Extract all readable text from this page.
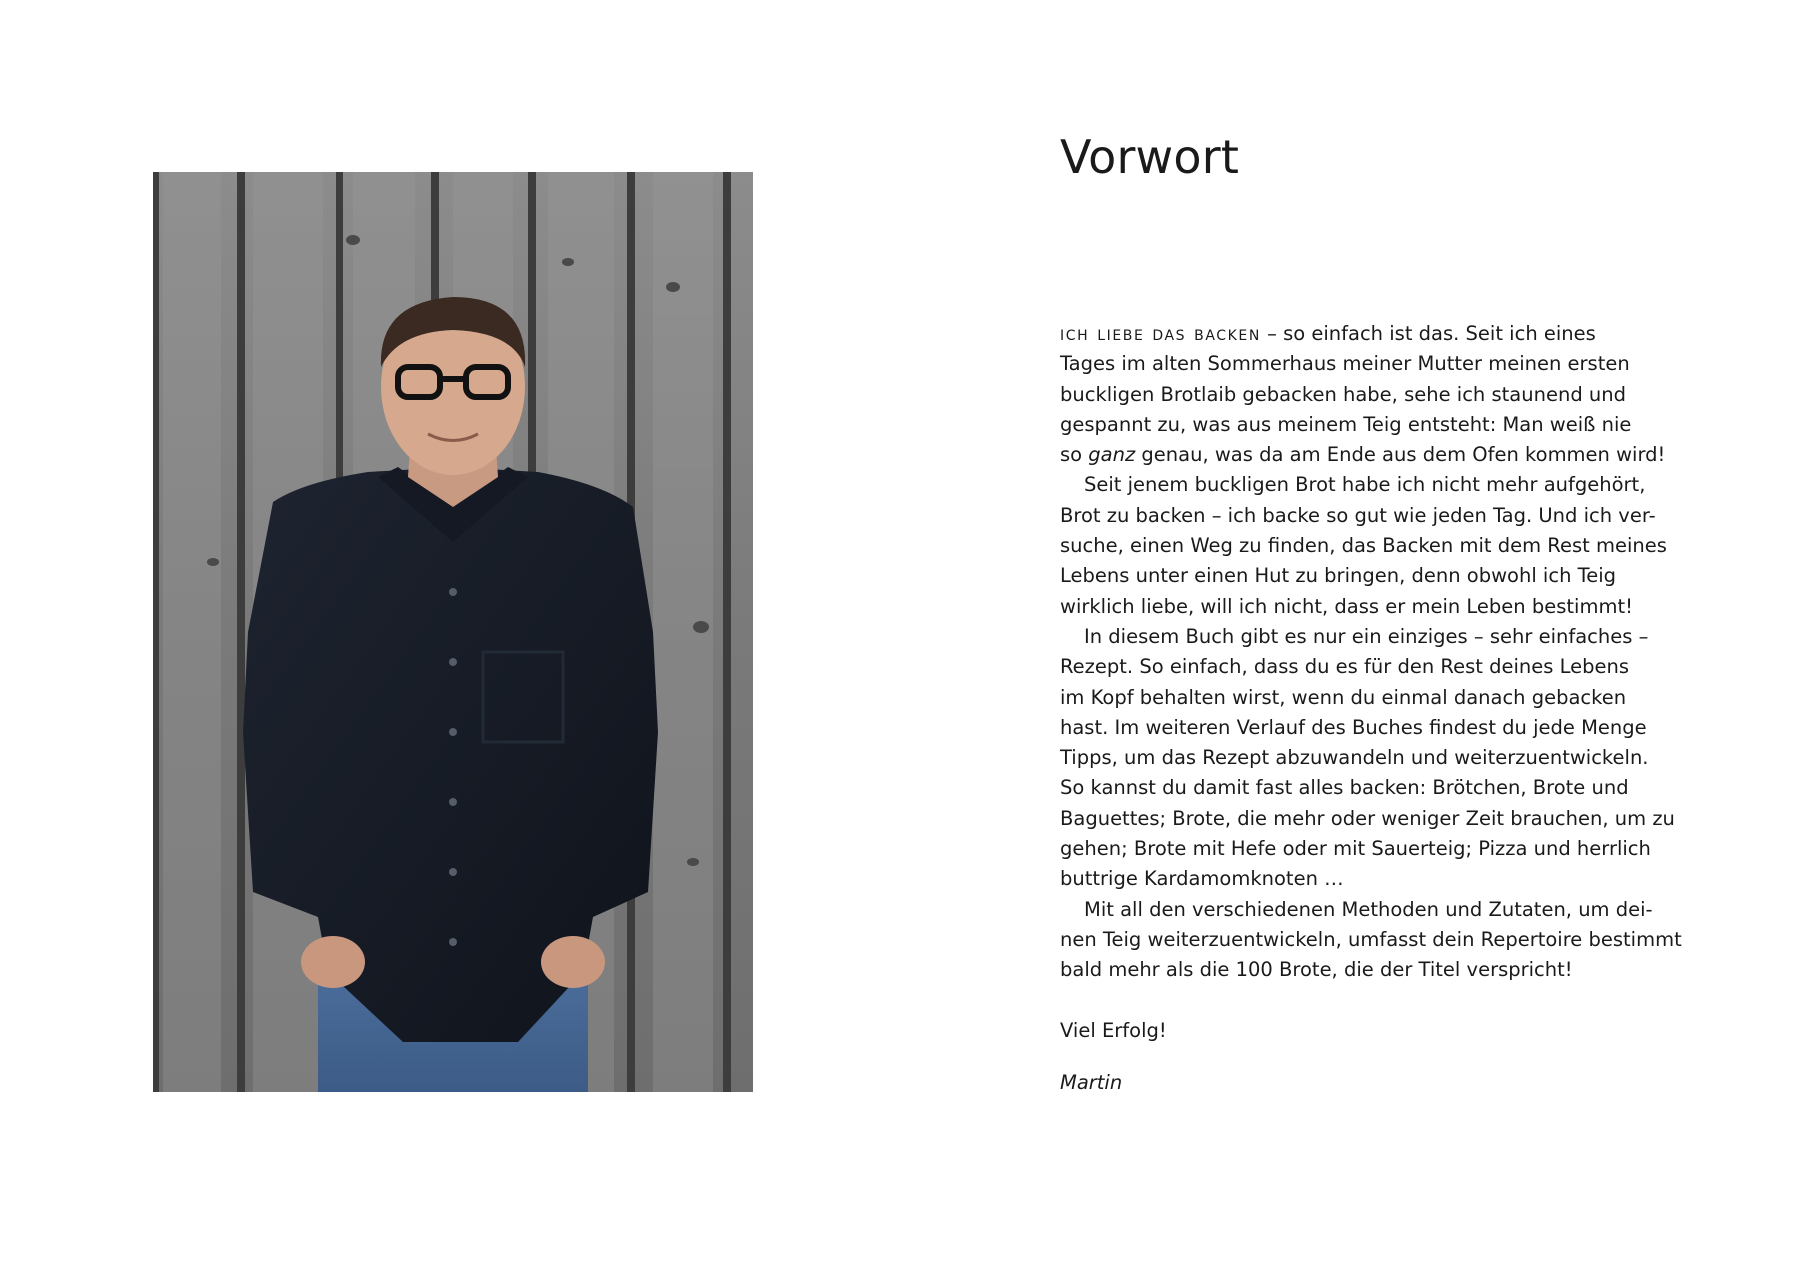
Vorwort

ich liebe das backen – so einfach ist das. Seit ich eines
Tages im alten Sommerhaus meiner Mutter meinen ersten
buckligen Brotlaib gebacken habe, sehe ich staunend und
gespannt zu, was aus meinem Teig entsteht: Man weiß nie
so ganz genau, was da am Ende aus dem Ofen kommen wird!

Seit jenem buckligen Brot habe ich nicht mehr aufgehört,
Brot zu backen – ich backe so gut wie jeden Tag. Und ich ver-
suche, einen Weg zu finden, das Backen mit dem Rest meines
Lebens unter einen Hut zu bringen, denn obwohl ich Teig
wirklich liebe, will ich nicht, dass er mein Leben bestimmt!

In diesem Buch gibt es nur ein einziges – sehr einfaches –
Rezept. So einfach, dass du es für den Rest deines Lebens
im Kopf behalten wirst, wenn du einmal danach gebacken
hast. Im weiteren Verlauf des Buches findest du jede Menge
Tipps, um das Rezept abzuwandeln und weiterzuentwickeln.
So kannst du damit fast alles backen: Brötchen, Brote und
Baguettes; Brote, die mehr oder weniger Zeit brauchen, um zu
gehen; Brote mit Hefe oder mit Sauerteig; Pizza und herrlich
buttrige Kardamomknoten …

Mit all den verschiedenen Methoden und Zutaten, um dei-
nen Teig weiterzuentwickeln, umfasst dein Repertoire bestimmt
bald mehr als die 100 Brote, die der Titel verspricht!

Viel Erfolg!

Martin
